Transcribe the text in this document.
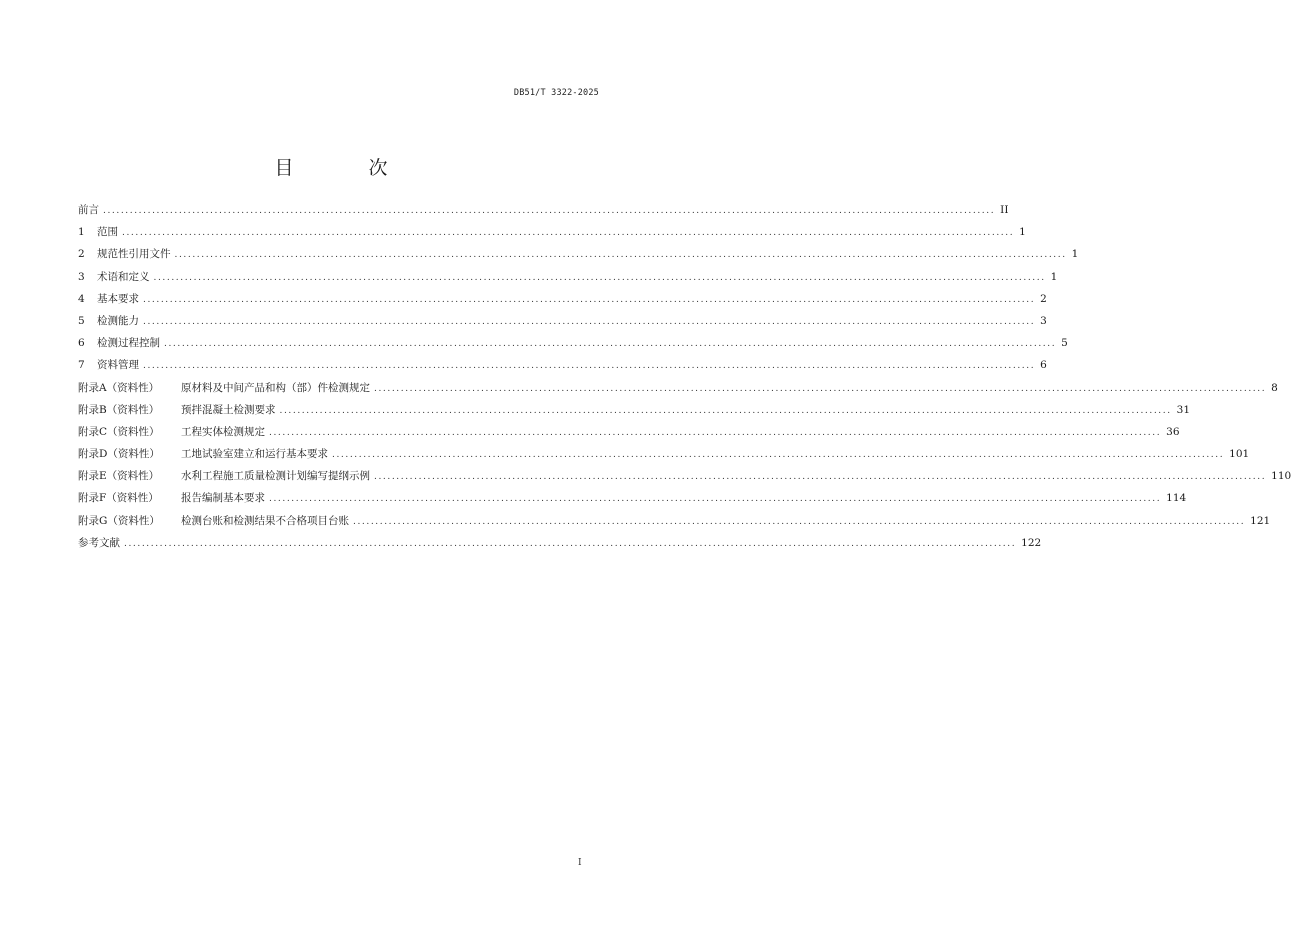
DB51/T 3322-2025
目　次
前言 ........................................................................................................................................................................................................ II
1	范围 ........................................................................................................................................................................................................ 1
2	规范性引用文件 ........................................................................................................................................................................................................ 1
3	术语和定义 ........................................................................................................................................................................................................ 1
4	基本要求 ........................................................................................................................................................................................................ 2
5	检测能力 ........................................................................................................................................................................................................ 3
6	检测过程控制 ........................................................................................................................................................................................................ 5
7	资料管理 ........................................................................................................................................................................................................ 6
附录A（资料性）	原材料及中间产品和构（部）件检测规定 ........................................................................................................................................................................................................ 8
附录B（资料性）	预拌混凝土检测要求 ........................................................................................................................................................................................................ 31
附录C（资料性）	工程实体检测规定 ........................................................................................................................................................................................................ 36
附录D（资料性）	工地试验室建立和运行基本要求 ........................................................................................................................................................................................................ 101
附录E（资料性）	水利工程施工质量检测计划编写提纲示例 ........................................................................................................................................................................................................ 110
附录F（资料性）	报告编制基本要求 ........................................................................................................................................................................................................ 114
附录G（资料性）	检测台账和检测结果不合格项目台账 ........................................................................................................................................................................................................ 121
参考文献 ........................................................................................................................................................................................................ 122
I
